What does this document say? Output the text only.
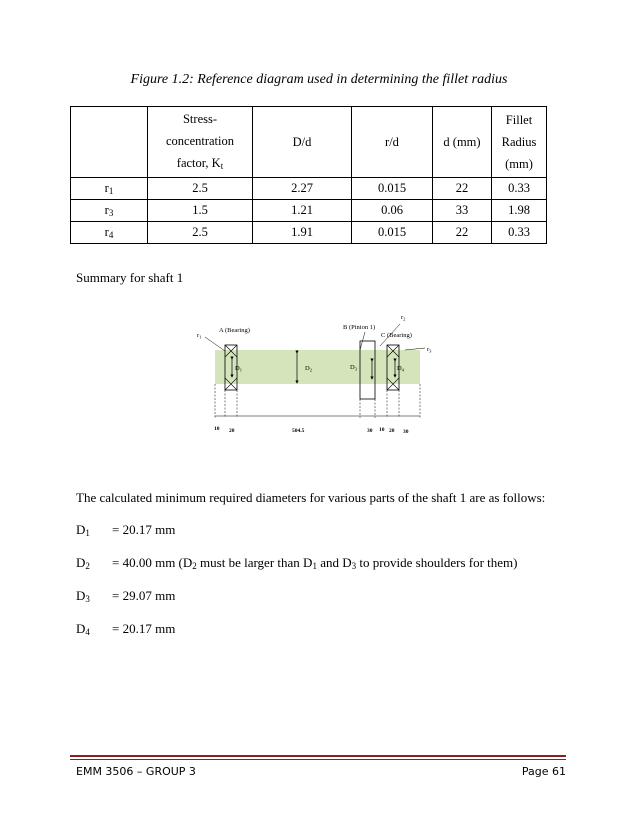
Figure 1.2: Reference diagram used in determining the fillet radius
	Stress-
concentration
factor, $K_t$	D/d	r/d	d (mm)	Fillet Radius
(mm)
$r_1$	2.5	2.27	0.015	22	0.33
$r_3$	1.5	1.21	0.06	33	1.98
$r_4$	2.5	1.91	0.015	22	0.33
Summary for shaft 1
A (Bearing)	B (Pinion 1)
C (Bearing)
$r_1$
$r_2$
$r_3$
$D_1$	$D_2$	$D_3$	$D_4$
10 20	504.5	30 10 20 30
The calculated minimum required diameters for various parts of the shaft 1 are as follows:
$D_1 = 20.17$ mm
$D_2 = 40.00$ mm ($D_2$ must be larger than $D_1$ and $D_3$ to provide shoulders for them)
$D_3 = 29.07$ mm
$D_4 = 20.17$ mm
EMM 3506 – GROUP 3	Page 61
